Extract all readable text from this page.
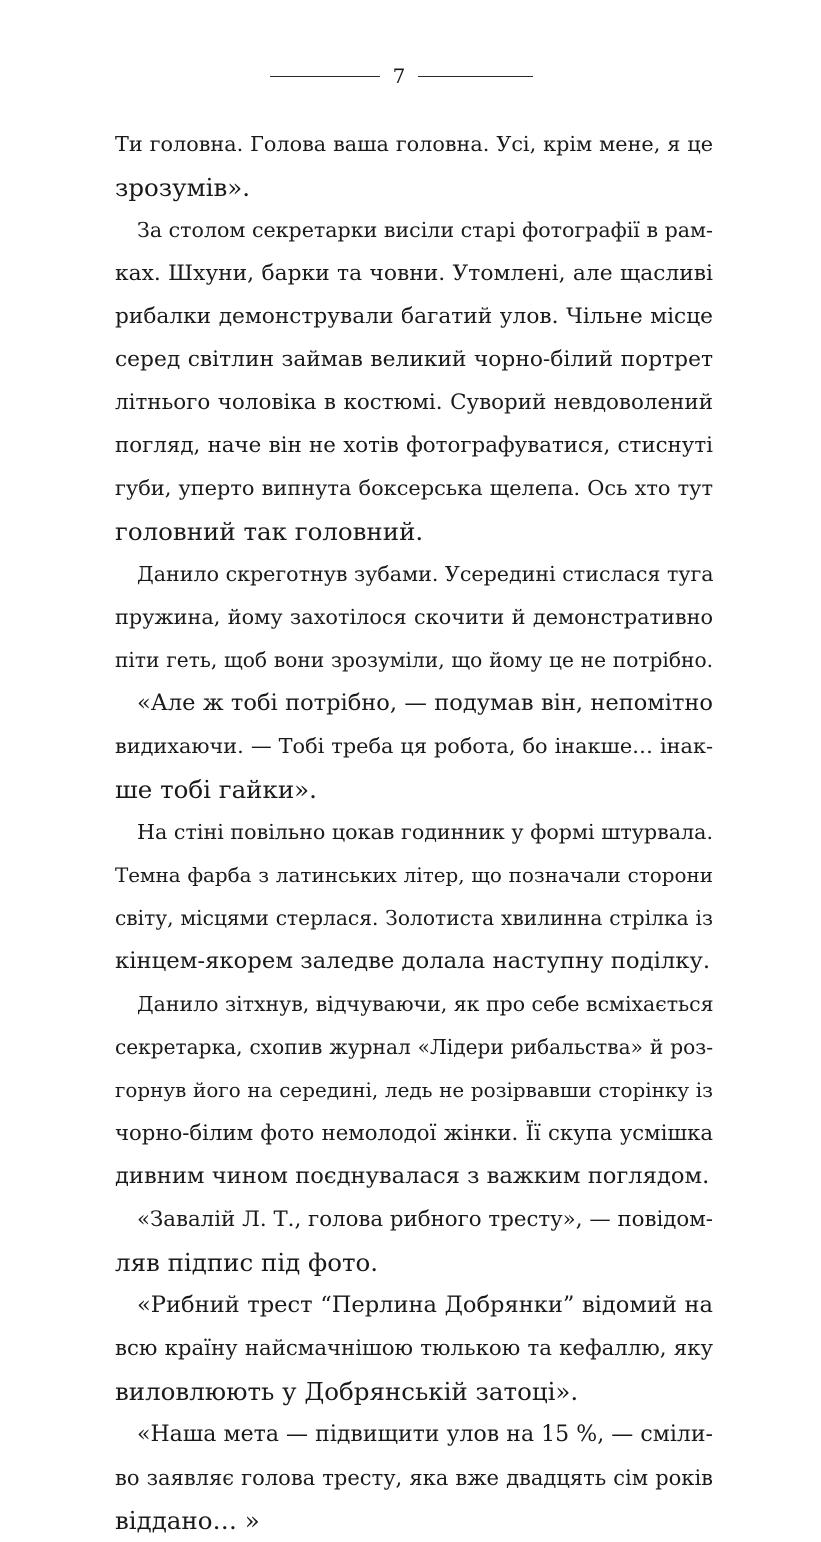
7
Ти головна. Голова ваша головна. Усі, крім мене, я це
зрозумів».
За столом секретарки висіли старі фотографії в рам-
ках. Шхуни, барки та човни. Утомлені, але щасливі
рибалки демонстрували багатий улов. Чільне місце
серед світлин займав великий чорно-білий портрет
літнього чоловіка в костюмі. Суворий невдоволений
погляд, наче він не хотів фотографуватися, стиснуті
губи, уперто випнута боксерська щелепа. Ось хто тут
головний так головний.
Данило скреготнув зубами. Усередині стислася туга
пружина, йому захотілося скочити й демонстративно
піти геть, щоб вони зрозуміли, що йому це не потрібно.
«Але ж тобі потрібно, — подумав він, непомітно
видихаючи. — Тобі треба ця робота, бо інакше… інак-
ше тобі гайки».
На стіні повільно цокав годинник у формі штурвала.
Темна фарба з латинських літер, що позначали сторони
світу, місцями стерлася. Золотиста хвилинна стрілка із
кінцем-якорем заледве долала наступну поділку.
Данило зітхнув, відчуваючи, як про себе всміхається
секретарка, схопив журнал «Лідери рибальства» й роз-
горнув його на середині, ледь не розірвавши сторінку із
чорно-білим фото немолодої жінки. Її скупа усмішка
дивним чином поєднувалася з важким поглядом.
«Завалій Л. Т., голова рибного тресту», — повідом-
ляв підпис під фото.
«Рибний трест “Перлина Добрянки” відомий на
всю країну найсмачнішою тюлькою та кефаллю, яку
виловлюють у Добрянській затоці».
«Наша мета — підвищити улов на 15 %, — сміли-
во заявляє голова тресту, яка вже двадцять сім років
віддано… »
